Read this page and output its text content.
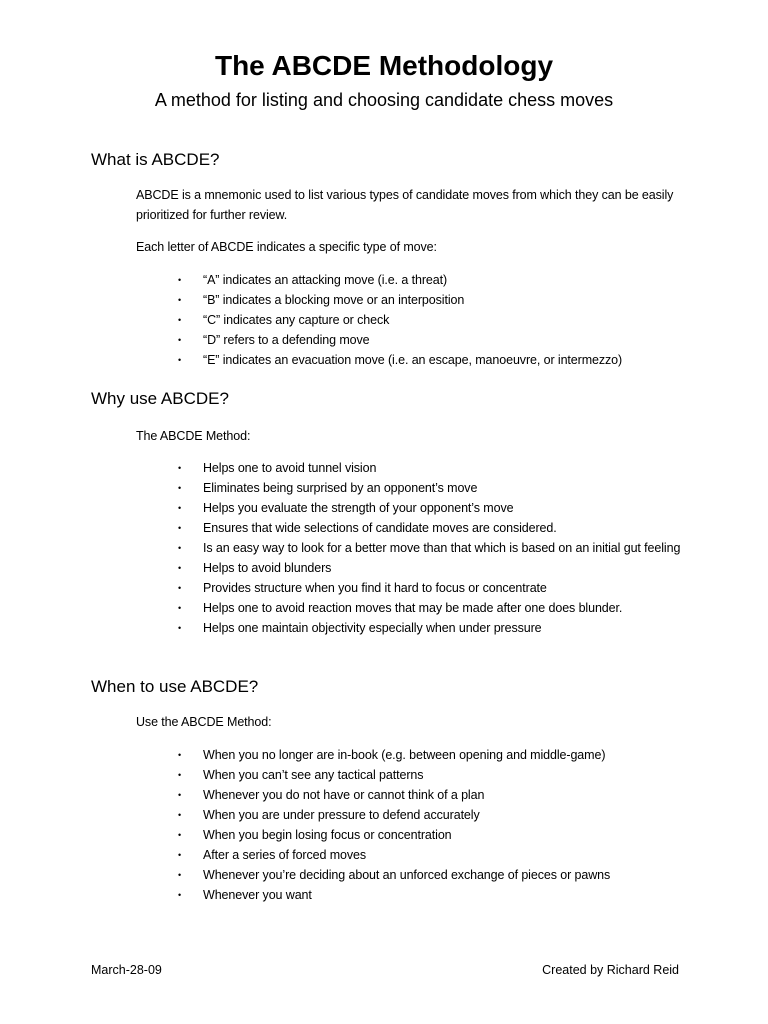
The ABCDE Methodology
A method for listing and choosing candidate chess moves
What is ABCDE?
ABCDE is a mnemonic used to list various types of candidate moves from which they can be easily prioritized for further review.
Each letter of ABCDE indicates a specific type of move:
• “A” indicates an attacking move (i.e. a threat)
• “B” indicates a blocking move or an interposition
• “C” indicates any capture or check
• “D” refers to a defending move
• “E” indicates an evacuation move (i.e. an escape, manoeuvre, or intermezzo)
Why use ABCDE?
The ABCDE Method:
• Helps one to avoid tunnel vision
• Eliminates being surprised by an opponent’s move
• Helps you evaluate the strength of your opponent’s move
• Ensures that wide selections of candidate moves are considered.
• Is an easy way to look for a better move than that which is based on an initial gut feeling
• Helps to avoid blunders
• Provides structure when you find it hard to focus or concentrate
• Helps one to avoid reaction moves that may be made after one does blunder.
• Helps one maintain objectivity especially when under pressure
When to use ABCDE?
Use the ABCDE Method:
• When you no longer are in-book (e.g. between opening and middle-game)
• When you can’t see any tactical patterns
• Whenever you do not have or cannot think of a plan
• When you are under pressure to defend accurately
• When you begin losing focus or concentration
• After a series of forced moves
• Whenever you’re deciding about an unforced exchange of pieces or pawns
• Whenever you want
March-28-09	Created by Richard Reid
